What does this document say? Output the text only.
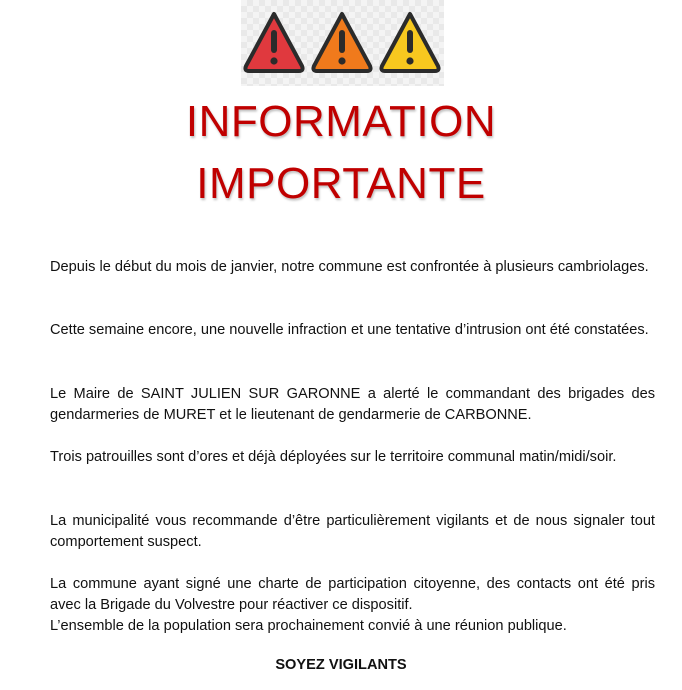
INFORMATION
IMPORTANTE

Depuis le début du mois de janvier, notre commune est confrontée à plusieurs cambriolages.

Cette semaine encore, une nouvelle infraction et une tentative d’intrusion ont été constatées.

Le Maire de SAINT JULIEN SUR GARONNE a alerté le commandant des brigades des gendarmeries de MURET et le lieutenant de gendarmerie de CARBONNE.

Trois patrouilles sont d’ores et déjà déployées sur le territoire communal matin/midi/soir.

La municipalité vous recommande d’être particulièrement vigilants et de nous signaler tout comportement suspect.

La commune ayant signé une charte de participation citoyenne, des contacts ont été pris avec la Brigade du Volvestre pour réactiver ce dispositif.
L’ensemble de la population sera prochainement convié à une réunion publique.
SOYEZ VIGILANTS
